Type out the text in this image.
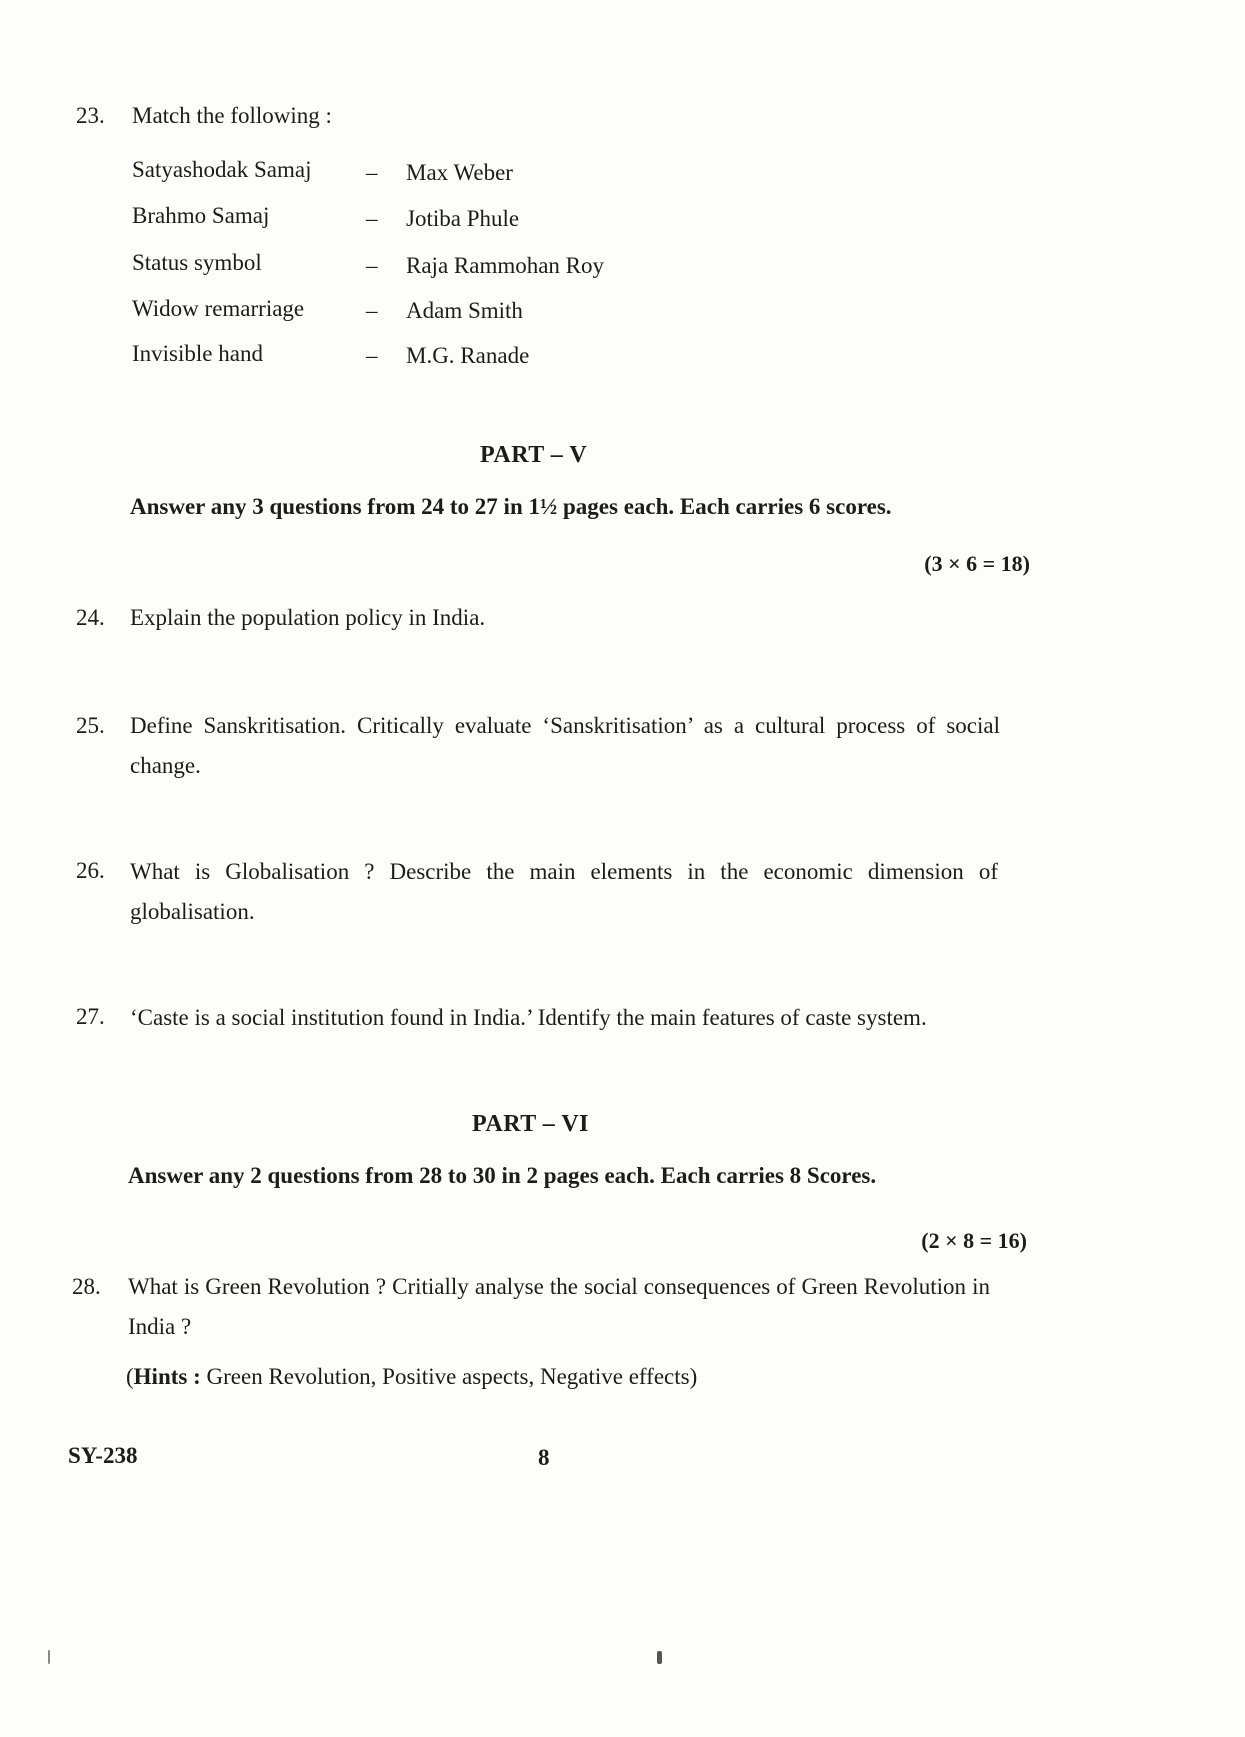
23. Match the following :
Satyashodak Samaj – Max Weber
Brahmo Samaj	– Jotiba Phule
Status symbol	– Raja Rammohan Roy
Widow remarriage	– Adam Smith
Invisible hand	– M.G. Ranade
PART – V
Answer any 3 questions from 24 to 27 in 1½ pages each. Each carries 6 scores.
(3 × 6 = 18)
24. Explain the population policy in India.
25. Define Sanskritisation. Critically evaluate ‘Sanskritisation’ as a cultural process of social change.
26. What is Globalisation ? Describe the main elements in the economic dimension of globalisation.
27. ‘Caste is a social institution found in India.’ Identify the main features of caste system.
PART – VI
Answer any 2 questions from 28 to 30 in 2 pages each. Each carries 8 Scores.
(2 × 8 = 16)
28. What is Green Revolution ? Critially analyse the social consequences of Green Revolution in India ?
(Hints : Green Revolution, Positive aspects, Negative effects)
SY-238	8
